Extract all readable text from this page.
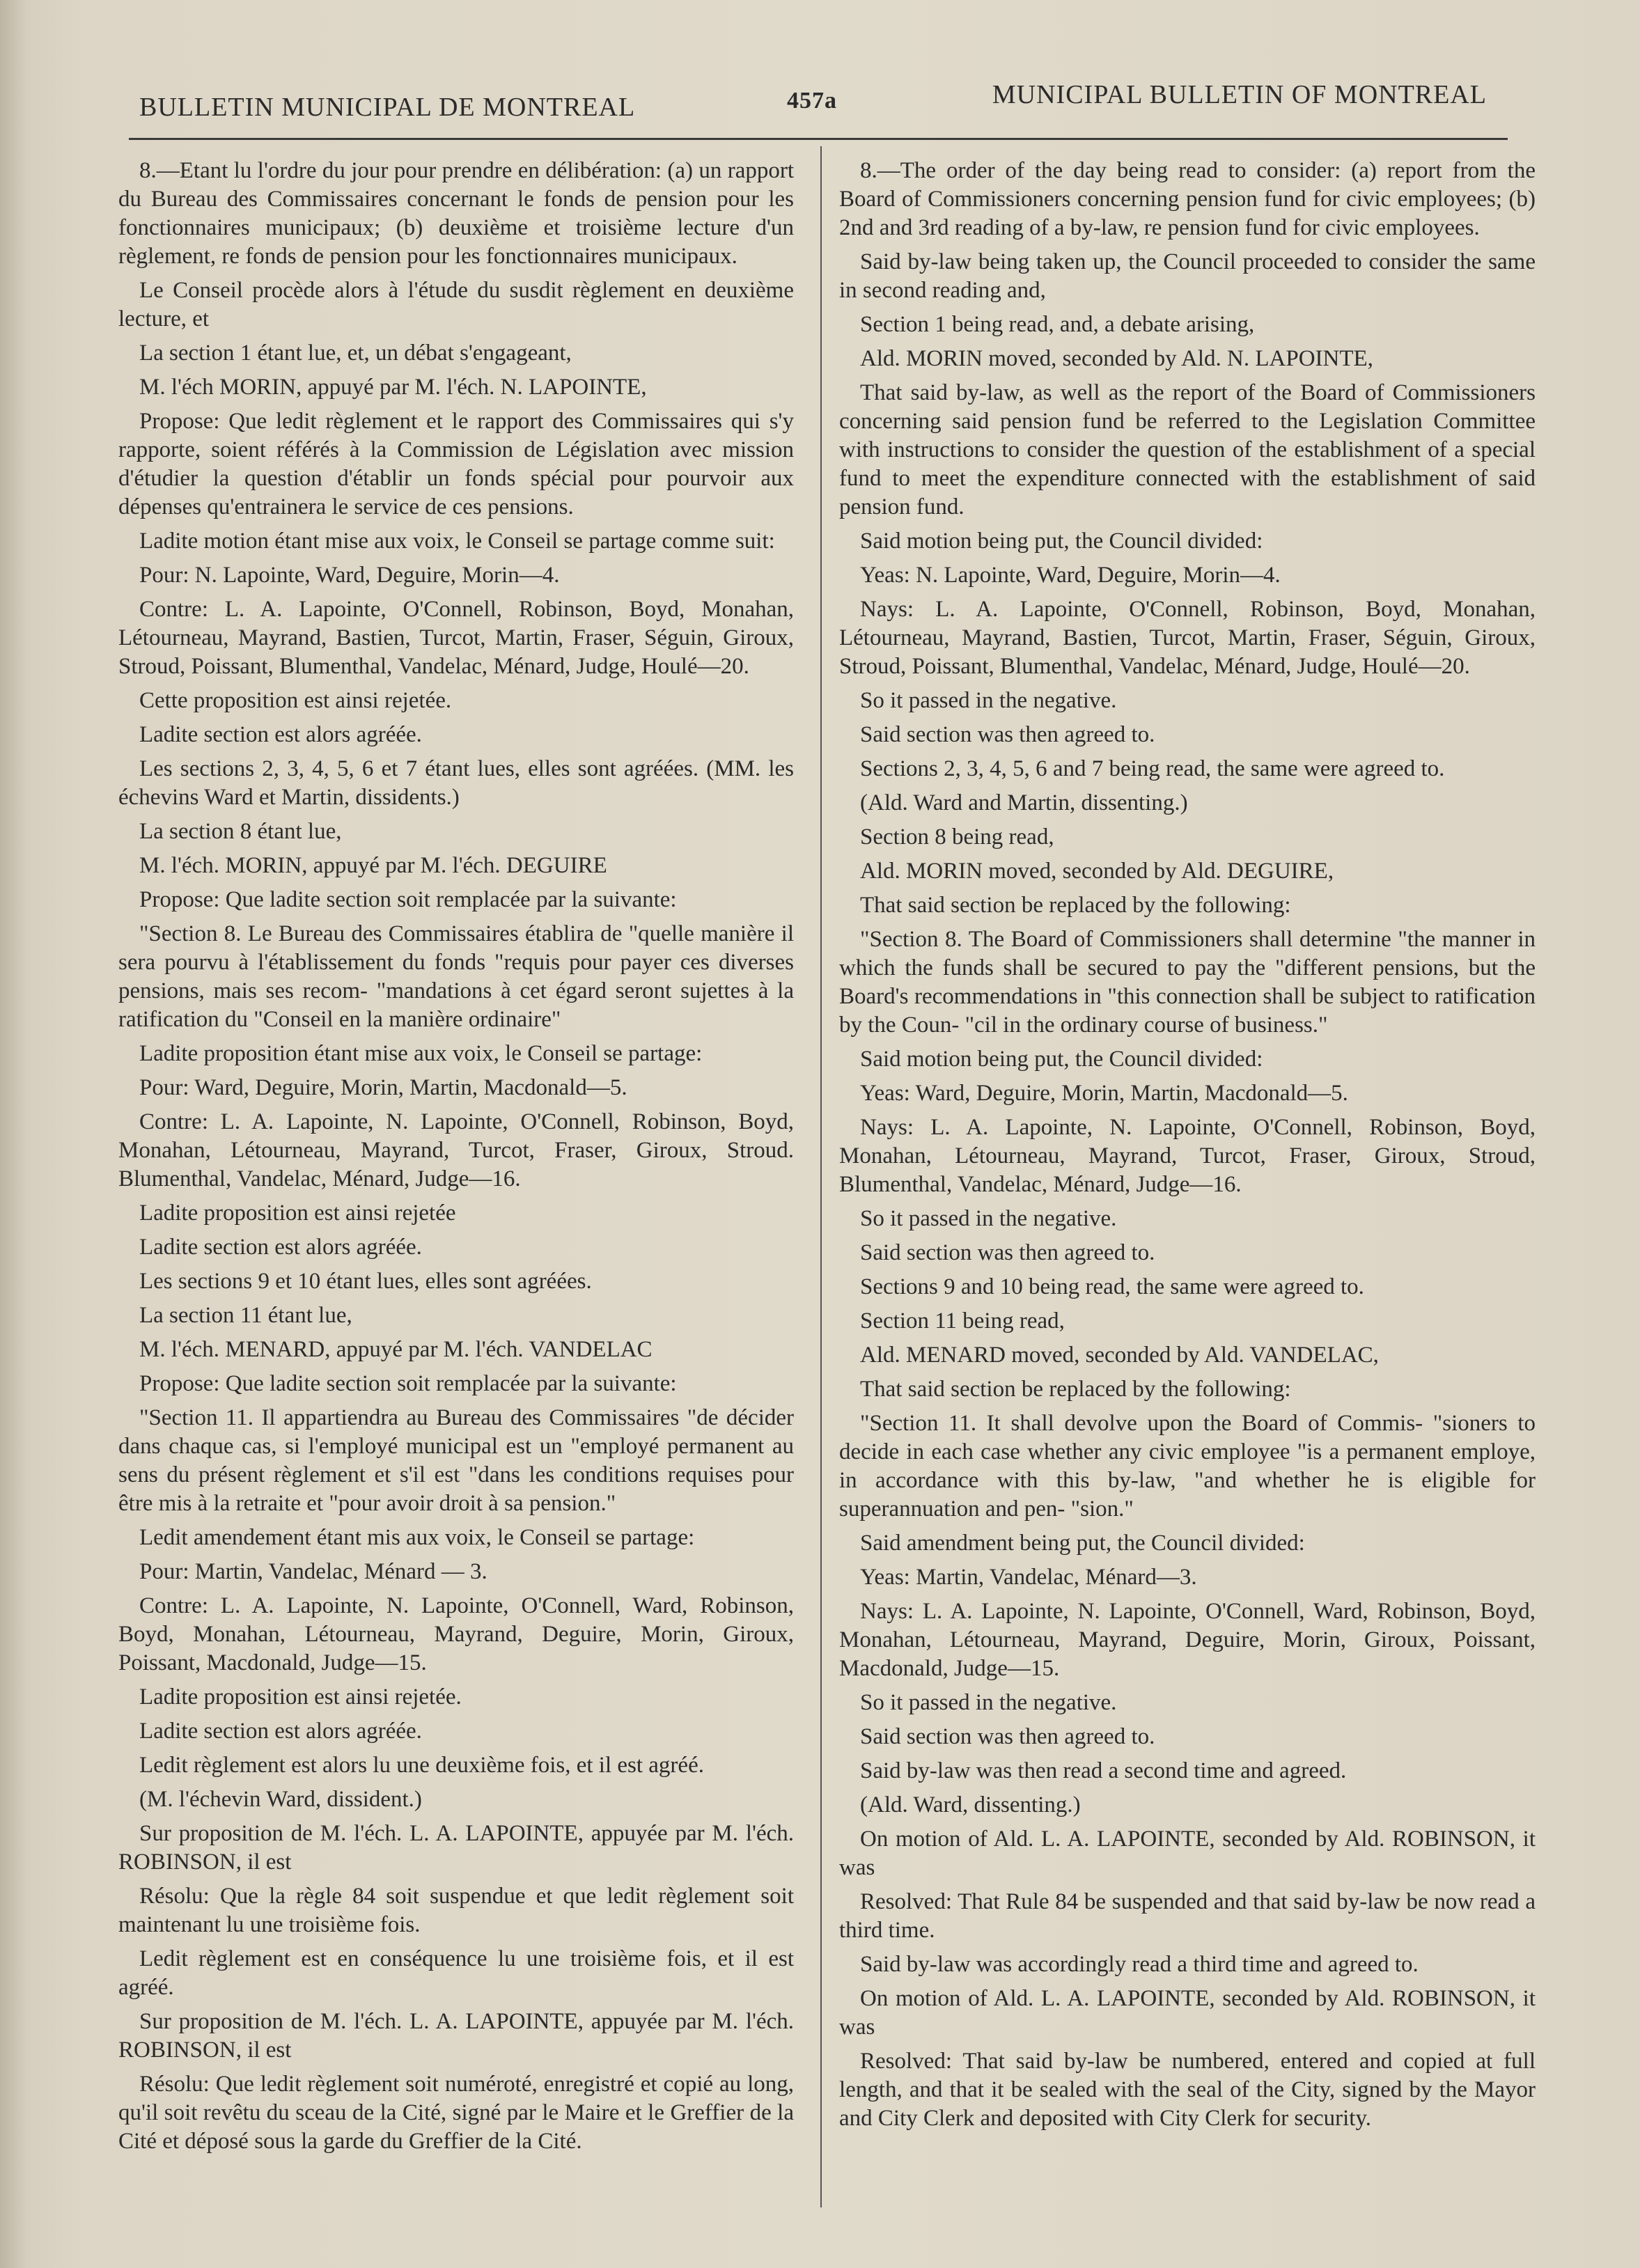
BULLETIN MUNICIPAL DE MONTREAL	457a	MUNICIPAL BULLETIN OF MONTREAL

8.—Etant lu l'ordre du jour pour prendre en délibération: (a) un rapport du Bureau des Commissaires concernant le fonds de pension pour les fonctionnaires municipaux; (b) deuxième et troisième lecture d'un règlement, re fonds de pension pour les fonctionnaires municipaux.

Le Conseil procède alors à l'étude du susdit règlement en deuxième lecture, et

La section 1 étant lue, et, un débat s'engageant,

M. l'éch MORIN, appuyé par M. l'éch. N. LAPOINTE,

Propose: Que ledit règlement et le rapport des Commissaires qui s'y rapporte, soient référés à la Commission de Législation avec mission d'étudier la question d'établir un fonds spécial pour pourvoir aux dépenses qu'entrainera le service de ces pensions.

Ladite motion étant mise aux voix, le Conseil se partage comme suit:

Pour: N. Lapointe, Ward, Deguire, Morin—4.

Contre: L. A. Lapointe, O'Connell, Robinson, Boyd, Monahan, Létourneau, Mayrand, Bastien, Turcot, Martin, Fraser, Séguin, Giroux, Stroud, Poissant, Blumenthal, Vandelac, Ménard, Judge, Houlé—20.

Cette proposition est ainsi rejetée.

Ladite section est alors agréée.

Les sections 2, 3, 4, 5, 6 et 7 étant lues, elles sont agréées. (MM. les échevins Ward et Martin, dissidents.)

La section 8 étant lue,

M. l'éch. MORIN, appuyé par M. l'éch. DEGUIRE

Propose: Que ladite section soit remplacée par la suivante:

"Section 8. Le Bureau des Commissaires établira de "quelle manière il sera pourvu à l'établissement du fonds "requis pour payer ces diverses pensions, mais ses recom- "mandations à cet égard seront sujettes à la ratification du "Conseil en la manière ordinaire"

Ladite proposition étant mise aux voix, le Conseil se partage:

Pour: Ward, Deguire, Morin, Martin, Macdonald—5.

Contre: L. A. Lapointe, N. Lapointe, O'Connell, Robinson, Boyd, Monahan, Létourneau, Mayrand, Turcot, Fraser, Giroux, Stroud. Blumenthal, Vandelac, Ménard, Judge—16.

Ladite proposition est ainsi rejetée

Ladite section est alors agréée.

Les sections 9 et 10 étant lues, elles sont agréées.

La section 11 étant lue,

M. l'éch. MENARD, appuyé par M. l'éch. VANDELAC

Propose: Que ladite section soit remplacée par la suivante:

"Section 11. Il appartiendra au Bureau des Commissaires "de décider dans chaque cas, si l'employé municipal est un "employé permanent au sens du présent règlement et s'il est "dans les conditions requises pour être mis à la retraite et "pour avoir droit à sa pension."

Ledit amendement étant mis aux voix, le Conseil se partage:

Pour: Martin, Vandelac, Ménard — 3.

Contre: L. A. Lapointe, N. Lapointe, O'Connell, Ward, Robinson, Boyd, Monahan, Létourneau, Mayrand, Deguire, Morin, Giroux, Poissant, Macdonald, Judge—15.

Ladite proposition est ainsi rejetée.

Ladite section est alors agréée.

Ledit règlement est alors lu une deuxième fois, et il est agréé.

(M. l'échevin Ward, dissident.)

Sur proposition de M. l'éch. L. A. LAPOINTE, appuyée par M. l'éch. ROBINSON, il est

Résolu: Que la règle 84 soit suspendue et que ledit règlement soit maintenant lu une troisième fois.

Ledit règlement est en conséquence lu une troisième fois, et il est agréé.

Sur proposition de M. l'éch. L. A. LAPOINTE, appuyée par M. l'éch. ROBINSON, il est

Résolu: Que ledit règlement soit numéroté, enregistré et copié au long, qu'il soit revêtu du sceau de la Cité, signé par le Maire et le Greffier de la Cité et déposé sous la garde du Greffier de la Cité.

8.—The order of the day being read to consider: (a) report from the Board of Commissioners concerning pension fund for civic employees; (b) 2nd and 3rd reading of a by-law, re pension fund for civic employees.

Said by-law being taken up, the Council proceeded to consider the same in second reading and,

Section 1 being read, and, a debate arising,

Ald. MORIN moved, seconded by Ald. N. LAPOINTE,

That said by-law, as well as the report of the Board of Commissioners concerning said pension fund be referred to the Legislation Committee with instructions to consider the question of the establishment of a special fund to meet the expenditure connected with the establishment of said pension fund.

Said motion being put, the Council divided:

Yeas: N. Lapointe, Ward, Deguire, Morin—4.

Nays: L. A. Lapointe, O'Connell, Robinson, Boyd, Monahan, Létourneau, Mayrand, Bastien, Turcot, Martin, Fraser, Séguin, Giroux, Stroud, Poissant, Blumenthal, Vandelac, Ménard, Judge, Houlé—20.

So it passed in the negative.

Said section was then agreed to.

Sections 2, 3, 4, 5, 6 and 7 being read, the same were agreed to.

(Ald. Ward and Martin, dissenting.)

Section 8 being read,

Ald. MORIN moved, seconded by Ald. DEGUIRE,

That said section be replaced by the following:

"Section 8. The Board of Commissioners shall determine "the manner in which the funds shall be secured to pay the "different pensions, but the Board's recommendations in "this connection shall be subject to ratification by the Coun- "cil in the ordinary course of business."

Said motion being put, the Council divided:

Yeas: Ward, Deguire, Morin, Martin, Macdonald—5.

Nays: L. A. Lapointe, N. Lapointe, O'Connell, Robinson, Boyd, Monahan, Létourneau, Mayrand, Turcot, Fraser, Giroux, Stroud, Blumenthal, Vandelac, Ménard, Judge—16.

So it passed in the negative.

Said section was then agreed to.

Sections 9 and 10 being read, the same were agreed to.

Section 11 being read,

Ald. MENARD moved, seconded by Ald. VANDELAC,

That said section be replaced by the following:

"Section 11. It shall devolve upon the Board of Commis- "sioners to decide in each case whether any civic employee "is a permanent employe, in accordance with this by-law, "and whether he is eligible for superannuation and pen- "sion."

Said amendment being put, the Council divided:

Yeas: Martin, Vandelac, Ménard—3.

Nays: L. A. Lapointe, N. Lapointe, O'Connell, Ward, Robinson, Boyd, Monahan, Létourneau, Mayrand, Deguire, Morin, Giroux, Poissant, Macdonald, Judge—15.

So it passed in the negative.

Said section was then agreed to.

Said by-law was then read a second time and agreed.

(Ald. Ward, dissenting.)

On motion of Ald. L. A. LAPOINTE, seconded by Ald. ROBINSON, it was

Resolved: That Rule 84 be suspended and that said by-law be now read a third time.

Said by-law was accordingly read a third time and agreed to.

On motion of Ald. L. A. LAPOINTE, seconded by Ald. ROBINSON, it was

Resolved: That said by-law be numbered, entered and copied at full length, and that it be sealed with the seal of the City, signed by the Mayor and City Clerk and deposited with City Clerk for security.
